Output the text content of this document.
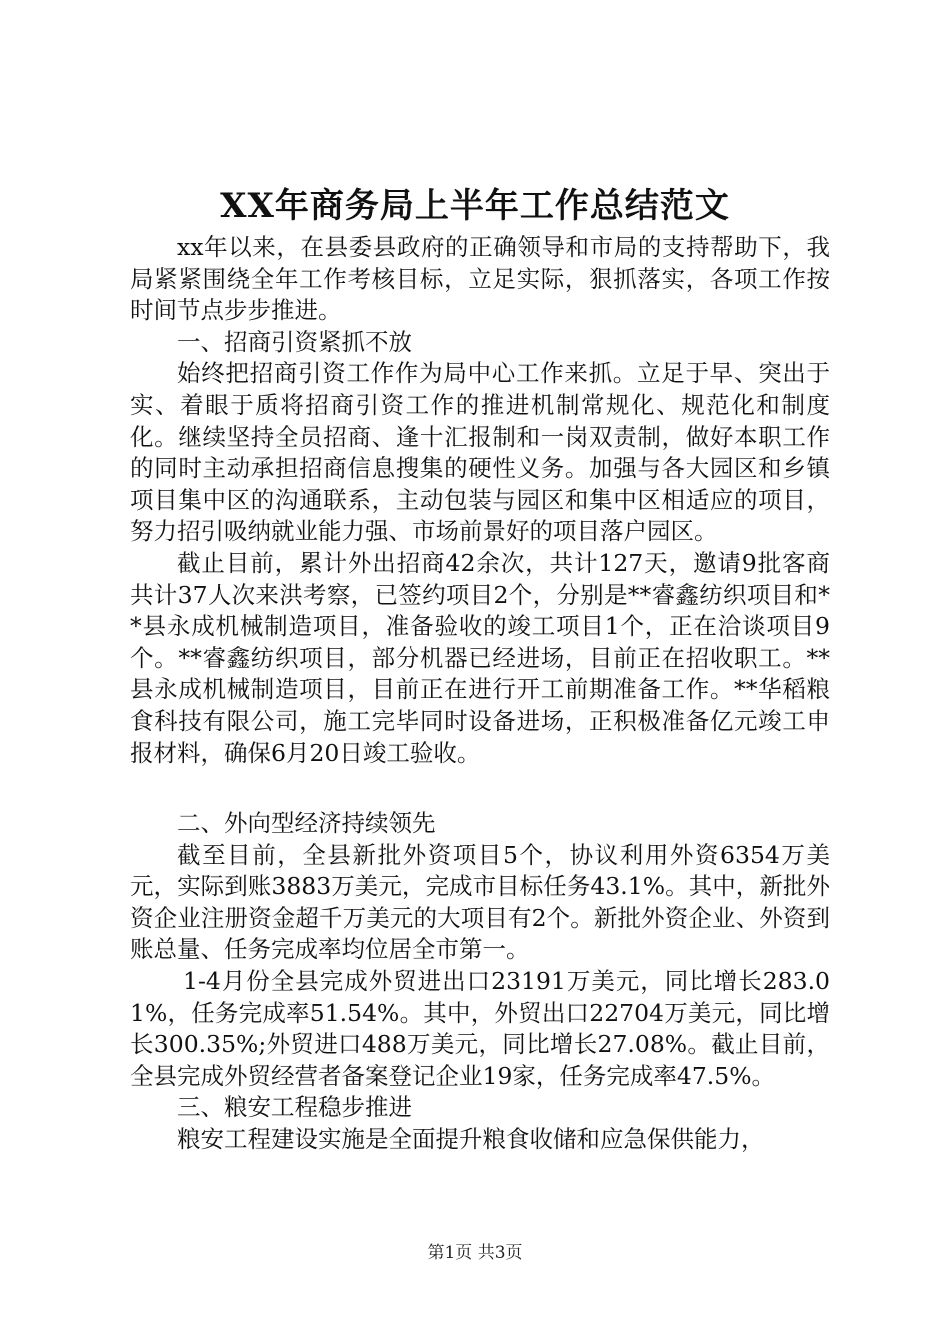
XX年商务局上半年工作总结范文

xx年以来，在县委县政府的正确领导和市局的支持帮助下，我局紧紧围绕全年工作考核目标，立足实际，狠抓落实，各项工作按时间节点步步推进。

一、招商引资紧抓不放

始终把招商引资工作作为局中心工作来抓。立足于早、突出于实、着眼于质将招商引资工作的推进机制常规化、规范化和制度化。继续坚持全员招商、逢十汇报制和一岗双责制，做好本职工作的同时主动承担招商信息搜集的硬性义务。加强与各大园区和乡镇项目集中区的沟通联系，主动包装与园区和集中区相适应的项目，努力招引吸纳就业能力强、市场前景好的项目落户园区。

截止目前，累计外出招商42余次，共计127天，邀请9批客商共计37人次来洪考察，已签约项目2个，分别是**睿鑫纺织项目和**县永成机械制造项目，准备验收的竣工项目1个，正在洽谈项目9个。**睿鑫纺织项目，部分机器已经进场，目前正在招收职工。**县永成机械制造项目，目前正在进行开工前期准备工作。**华稻粮食科技有限公司，施工完毕同时设备进场，正积极准备亿元竣工申报材料，确保6月20日竣工验收。

二、外向型经济持续领先

截至目前，全县新批外资项目5个，协议利用外资6354万美元，实际到账3883万美元，完成市目标任务43.1%。其中，新批外资企业注册资金超千万美元的大项目有2个。新批外资企业、外资到账总量、任务完成率均位居全市第一。

1-4月份全县完成外贸进出口23191万美元，同比增长283.01%，任务完成率51.54%。其中，外贸出口22704万美元，同比增长300.35%;外贸进口488万美元，同比增长27.08%。截止目前，全县完成外贸经营者备案登记企业19家，任务完成率47.5%。

三、粮安工程稳步推进

粮安工程建设实施是全面提升粮食收储和应急保供能力，

第1页 共3页
